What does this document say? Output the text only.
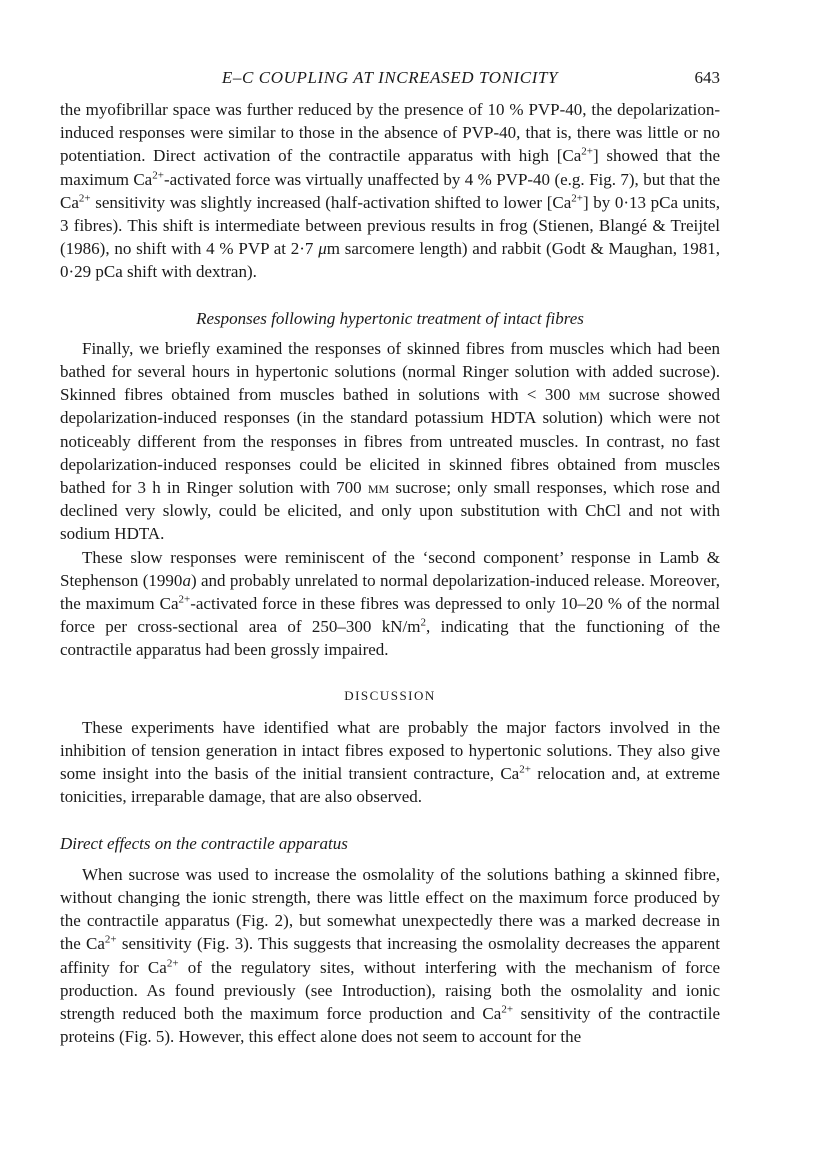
E–C COUPLING AT INCREASED TONICITY	643

the myofibrillar space was further reduced by the presence of 10 % PVP-40, the depolarization-induced responses were similar to those in the absence of PVP-40, that is, there was little or no potentiation. Direct activation of the contractile apparatus with high $[Ca^{2+}]$ showed that the maximum $Ca^{2+}$-activated force was virtually unaffected by 4 % PVP-40 (e.g. Fig. 7), but that the $Ca^{2+}$ sensitivity was slightly increased (half-activation shifted to lower $[Ca^{2+}]$ by 0·13 pCa units, 3 fibres). This shift is intermediate between previous results in frog (Stienen, Blangé & Treijtel (1986), no shift with 4 % PVP at 2·7 μm sarcomere length) and rabbit (Godt & Maughan, 1981, 0·29 pCa shift with dextran).

Responses following hypertonic treatment of intact fibres

Finally, we briefly examined the responses of skinned fibres from muscles which had been bathed for several hours in hypertonic solutions (normal Ringer solution with added sucrose). Skinned fibres obtained from muscles bathed in solutions with < 300 mm sucrose showed depolarization-induced responses (in the standard potassium HDTA solution) which were not noticeably different from the responses in fibres from untreated muscles. In contrast, no fast depolarization-induced responses could be elicited in skinned fibres obtained from muscles bathed for 3 h in Ringer solution with 700 mm sucrose; only small responses, which rose and declined very slowly, could be elicited, and only upon substitution with ChCl and not with sodium HDTA.

These slow responses were reminiscent of the ‘second component’ response in Lamb & Stephenson (1990a) and probably unrelated to normal depolarization-induced release. Moreover, the maximum $Ca^{2+}$-activated force in these fibres was depressed to only 10–20 % of the normal force per cross-sectional area of 250–300 $kN/m^2$, indicating that the functioning of the contractile apparatus had been grossly impaired.

DISCUSSION

These experiments have identified what are probably the major factors involved in the inhibition of tension generation in intact fibres exposed to hypertonic solutions. They also give some insight into the basis of the initial transient contracture, $Ca^{2+}$ relocation and, at extreme tonicities, irreparable damage, that are also observed.

Direct effects on the contractile apparatus

When sucrose was used to increase the osmolality of the solutions bathing a skinned fibre, without changing the ionic strength, there was little effect on the maximum force produced by the contractile apparatus (Fig. 2), but somewhat unexpectedly there was a marked decrease in the $Ca^{2+}$ sensitivity (Fig. 3). This suggests that increasing the osmolality decreases the apparent affinity for $Ca^{2+}$ of the regulatory sites, without interfering with the mechanism of force production. As found previously (see Introduction), raising both the osmolality and ionic strength reduced both the maximum force production and $Ca^{2+}$ sensitivity of the contractile proteins (Fig. 5). However, this effect alone does not seem to account for the
